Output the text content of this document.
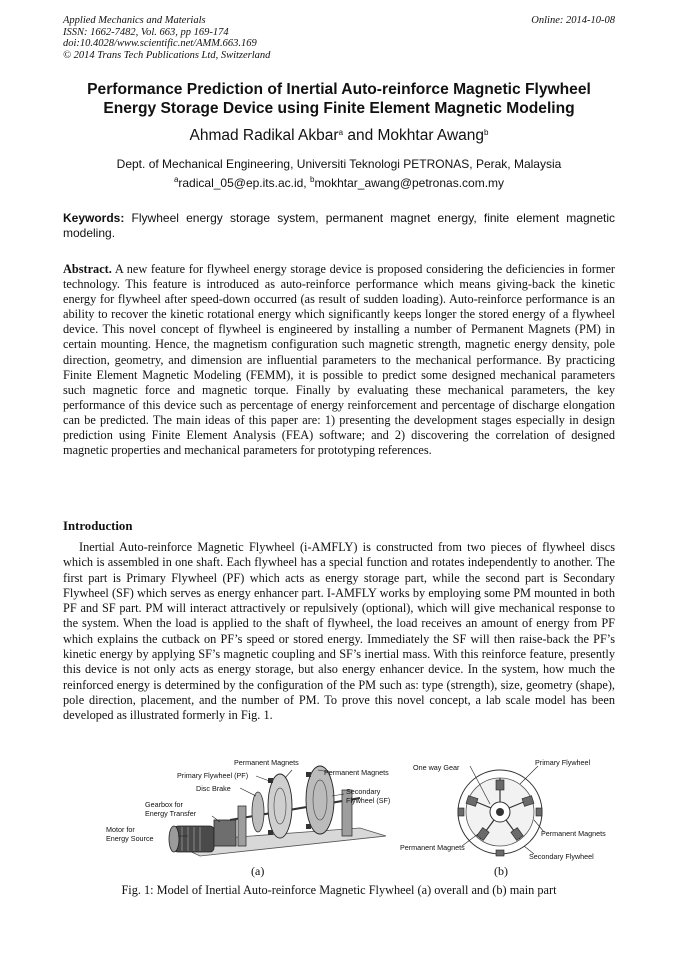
Applied Mechanics and Materials
ISSN: 1662-7482, Vol. 663, pp 169-174
doi:10.4028/www.scientific.net/AMM.663.169
© 2014 Trans Tech Publications Ltd, Switzerland
Online: 2014-10-08
Performance Prediction of Inertial Auto-reinforce Magnetic Flywheel
Energy Storage Device using Finite Element Magnetic Modeling
Ahmad Radikal Akbar$^a$ and Mokhtar Awang$^b$
Dept. of Mechanical Engineering, Universiti Teknologi PETRONAS, Perak, Malaysia
$^a$radical_05@ep.its.ac.id, $^b$mokhtar_awang@petronas.com.my
Keywords: Flywheel energy storage system, permanent magnet energy, finite element magnetic modeling.
Abstract. A new feature for flywheel energy storage device is proposed considering the deficiencies in former technology. This feature is introduced as auto-reinforce performance which means giving-back the kinetic energy for flywheel after speed-down occurred (as result of sudden loading). Auto-reinforce performance is an ability to recover the kinetic rotational energy which significantly keeps longer the stored energy of a flywheel device. This novel concept of flywheel is engineered by installing a number of Permanent Magnets (PM) in certain mounting. Hence, the magnetism configuration such magnetic strength, magnetic energy density, pole direction, geometry, and dimension are influential parameters to the mechanical performance. By practicing Finite Element Magnetic Modeling (FEMM), it is possible to predict some designed mechanical parameters such magnetic force and magnetic torque. Finally by evaluating these mechanical parameters, the key performance of this device such as percentage of energy reinforcement and percentage of discharge elongation can be predicted. The main ideas of this paper are: 1) presenting the development stages especially in design prediction using Finite Element Analysis (FEA) software; and 2) discovering the correlation of designed magnetic properties and mechanical parameters for prototyping references.
Introduction
Inertial Auto-reinforce Magnetic Flywheel (i-AMFLY) is constructed from two pieces of flywheel discs which is assembled in one shaft. Each flywheel has a special function and rotates independently to another. The first part is Primary Flywheel (PF) which acts as energy storage part, while the second part is Secondary Flywheel (SF) which serves as energy enhancer part. I-AMFLY works by employing some PM mounted in both PF and SF part. PM will interact attractively or repulsively (optional), which will give mechanical response to the system. When the load is applied to the shaft of flywheel, the load receives an amount of energy from PF which explains the cutback on PF’s speed or stored energy. Immediately the SF will then raise-back the PF’s kinetic energy by applying SF’s magnetic coupling and SF’s inertial mass. With this reinforce feature, presently this device is not only acts as energy storage, but also energy enhancer device. In the system, how much the reinforced energy is determined by the configuration of the PM such as: type (strength), size, geometry (shape), pole direction, placement, and the number of PM. To prove this novel concept, a lab scale model has been developed as illustrated formerly in Fig. 1.
Permanent Magnets
Primary Flywheel (PF)	Permanent Magnets
Disc Brake	Secondary
Flywheel (SF)
Gearbox for
Energy Transfer
Motor for
Energy Source
(a)
One way Gear
Primary Flywheel
Permanent Magnets
Permanent Magnets
Secondary Flywheel
(b)
Fig. 1: Model of Inertial Auto-reinforce Magnetic Flywheel (a) overall and (b) main part
